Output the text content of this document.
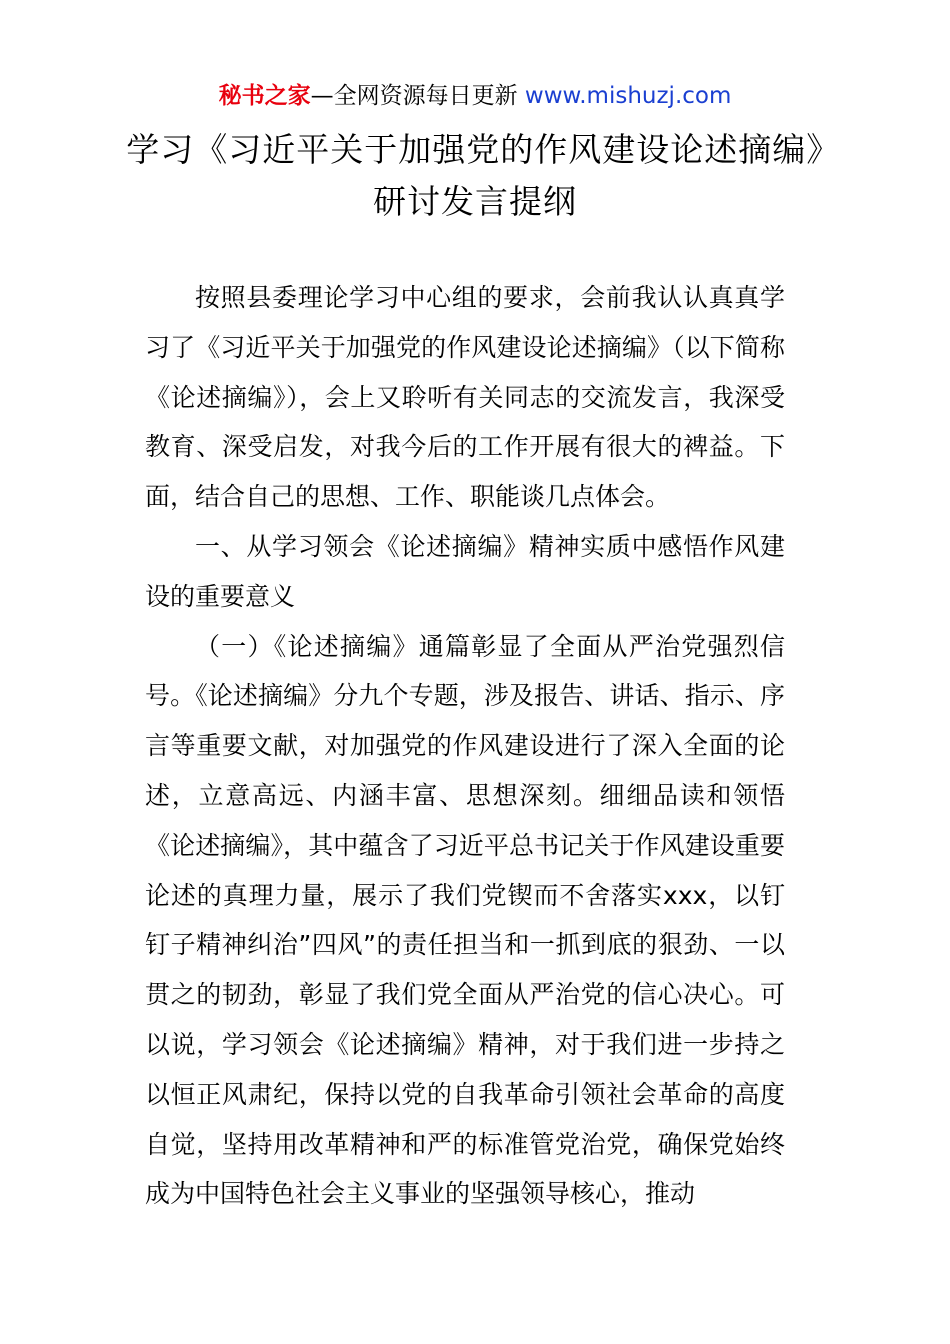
秘书之家—全网资源每日更新 www.mishuzj.com
学习《习近平关于加强党的作风建设论述摘编》研讨发言提纲

按照县委理论学习中心组的要求，会前我认认真真学习了《习近平关于加强党的作风建设论述摘编》（以下简称《论述摘编》），会上又聆听有关同志的交流发言，我深受教育、深受启发，对我今后的工作开展有很大的裨益。下面，结合自己的思想、工作、职能谈几点体会。

一、从学习领会《论述摘编》精神实质中感悟作风建设的重要意义

（一）《论述摘编》通篇彰显了全面从严治党强烈信号。《论述摘编》分九个专题，涉及报告、讲话、指示、序言等重要文献，对加强党的作风建设进行了深入全面的论述，立意高远、内涵丰富、思想深刻。细细品读和领悟《论述摘编》，其中蕴含了习近平总书记关于作风建设重要论述的真理力量，展示了我们党锲而不舍落实xxx，以钉钉子精神纠治”四风”的责任担当和一抓到底的狠劲、一以贯之的韧劲，彰显了我们党全面从严治党的信心决心。可以说，学习领会《论述摘编》精神，对于我们进一步持之以恒正风肃纪，保持以党的自我革命引领社会革命的高度自觉，坚持用改革精神和严的标准管党治党，确保党始终成为中国特色社会主义事业的坚强领导核心，推动
